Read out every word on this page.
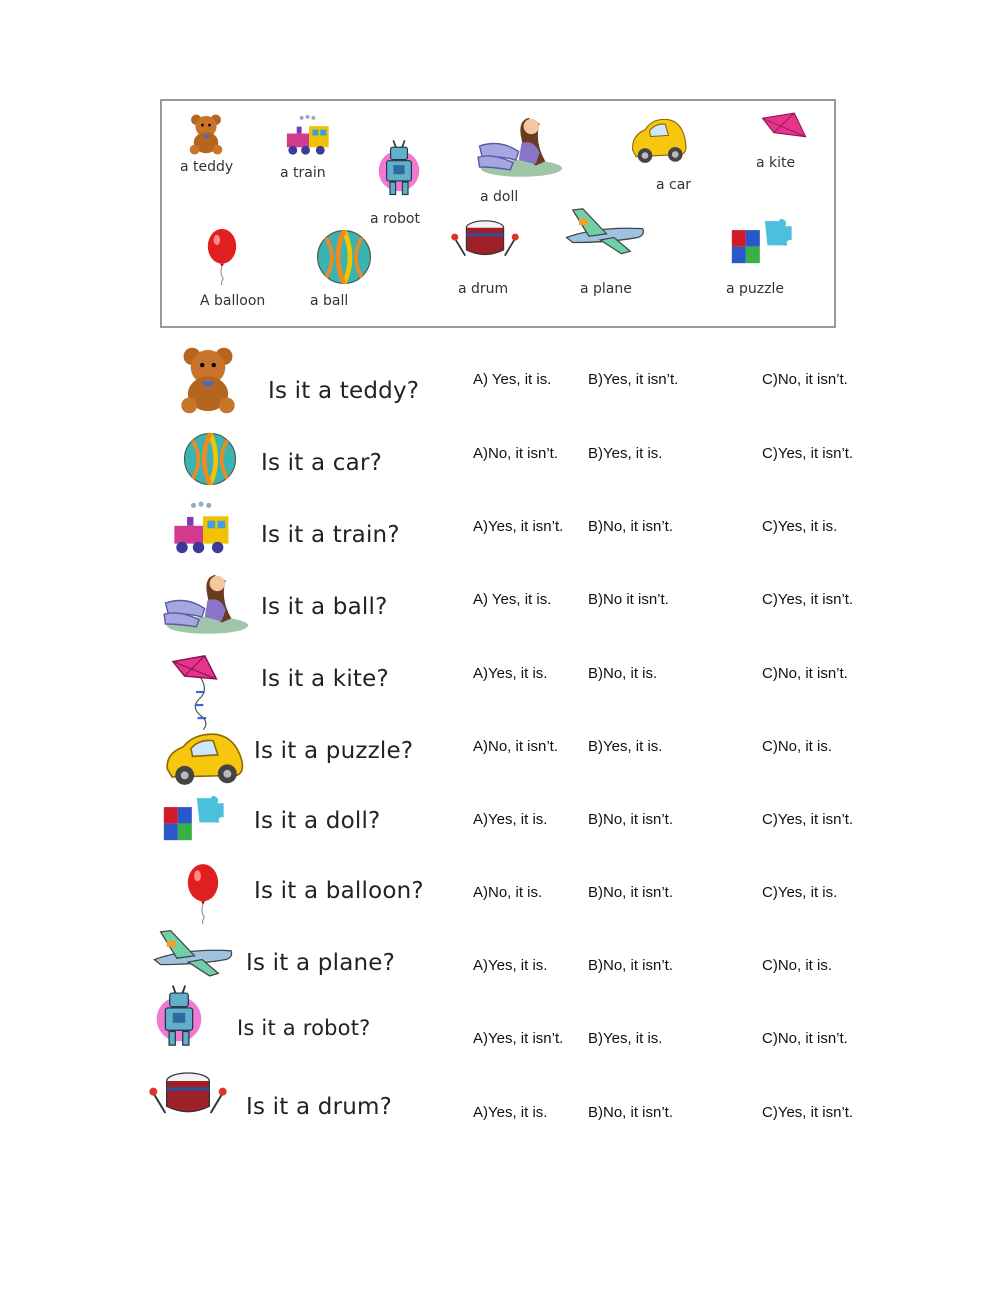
a teddy	a train
a robot
a doll
a car
a kite
A balloon	a ball
a drum	a plane	a puzzle
Is it a teddy?	A) Yes, it is. B)Yes, it isn’t.	C)No, it isn’t.
Is it a car?	A)No, it isn’t. B)Yes, it is.	C)Yes, it isn’t.
Is it a train?	A)Yes, it isn’t. B)No, it isn’t.	C)Yes, it is.
Is it a ball?	A) Yes, it is. B)No it isn’t.	C)Yes, it isn’t.
Is it a kite?	A)Yes, it is.	B)No, it is.	C)No, it isn’t.
Is it a puzzle?	A)No, it isn’t. B)Yes, it is.	C)No, it is.
Is it a doll?	A)Yes, it is.	B)No, it isn’t.	C)Yes, it isn’t.
Is it a balloon?	A)No, it is.	B)No, it isn’t.	C)Yes, it is.
Is it a plane?	A)Yes, it is.	B)No, it isn’t.	C)No, it is.
Is it a robot?	A)Yes, it isn’t. B)Yes, it is.	C)No, it isn’t.
Is it a drum?	A)Yes, it is.	B)No, it isn’t.	C)Yes, it isn’t.
